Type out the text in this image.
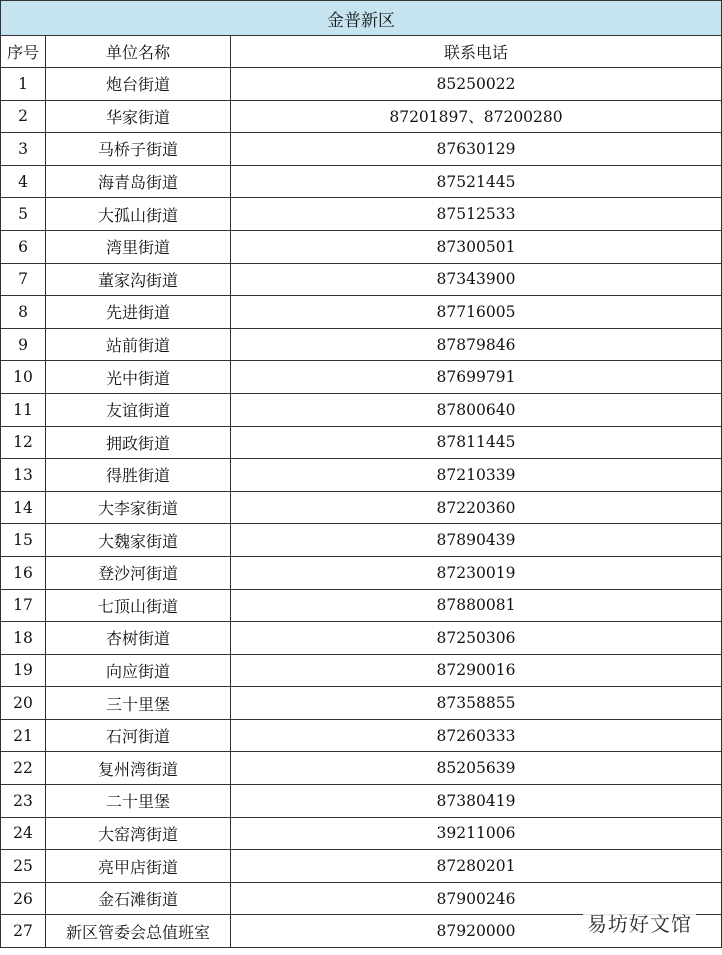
金普新区		
序号	单位名称	联系电话
1	炮台街道	85250022
2	华家街道	87201897、87200280
3	马桥子街道	87630129
4	海青岛街道	87521445
5	大孤山街道	87512533
6	湾里街道	87300501
7	董家沟街道	87343900
8	先进街道	87716005
9	站前街道	87879846
10	光中街道	87699791
11	友谊街道	87800640
12	拥政街道	87811445
13	得胜街道	87210339
14	大李家街道	87220360
15	大魏家街道	87890439
16	登沙河街道	87230019
17	七顶山街道	87880081
18	杏树街道	87250306
19	向应街道	87290016
20	三十里堡	87358855
21	石河街道	87260333
22	复州湾街道	85205639
23	二十里堡	87380419
24	大窑湾街道	39211006
25	亮甲店街道	87280201
26	金石滩街道	87900246
27	新区管委会总值班室	87920000	易坊好文馆
